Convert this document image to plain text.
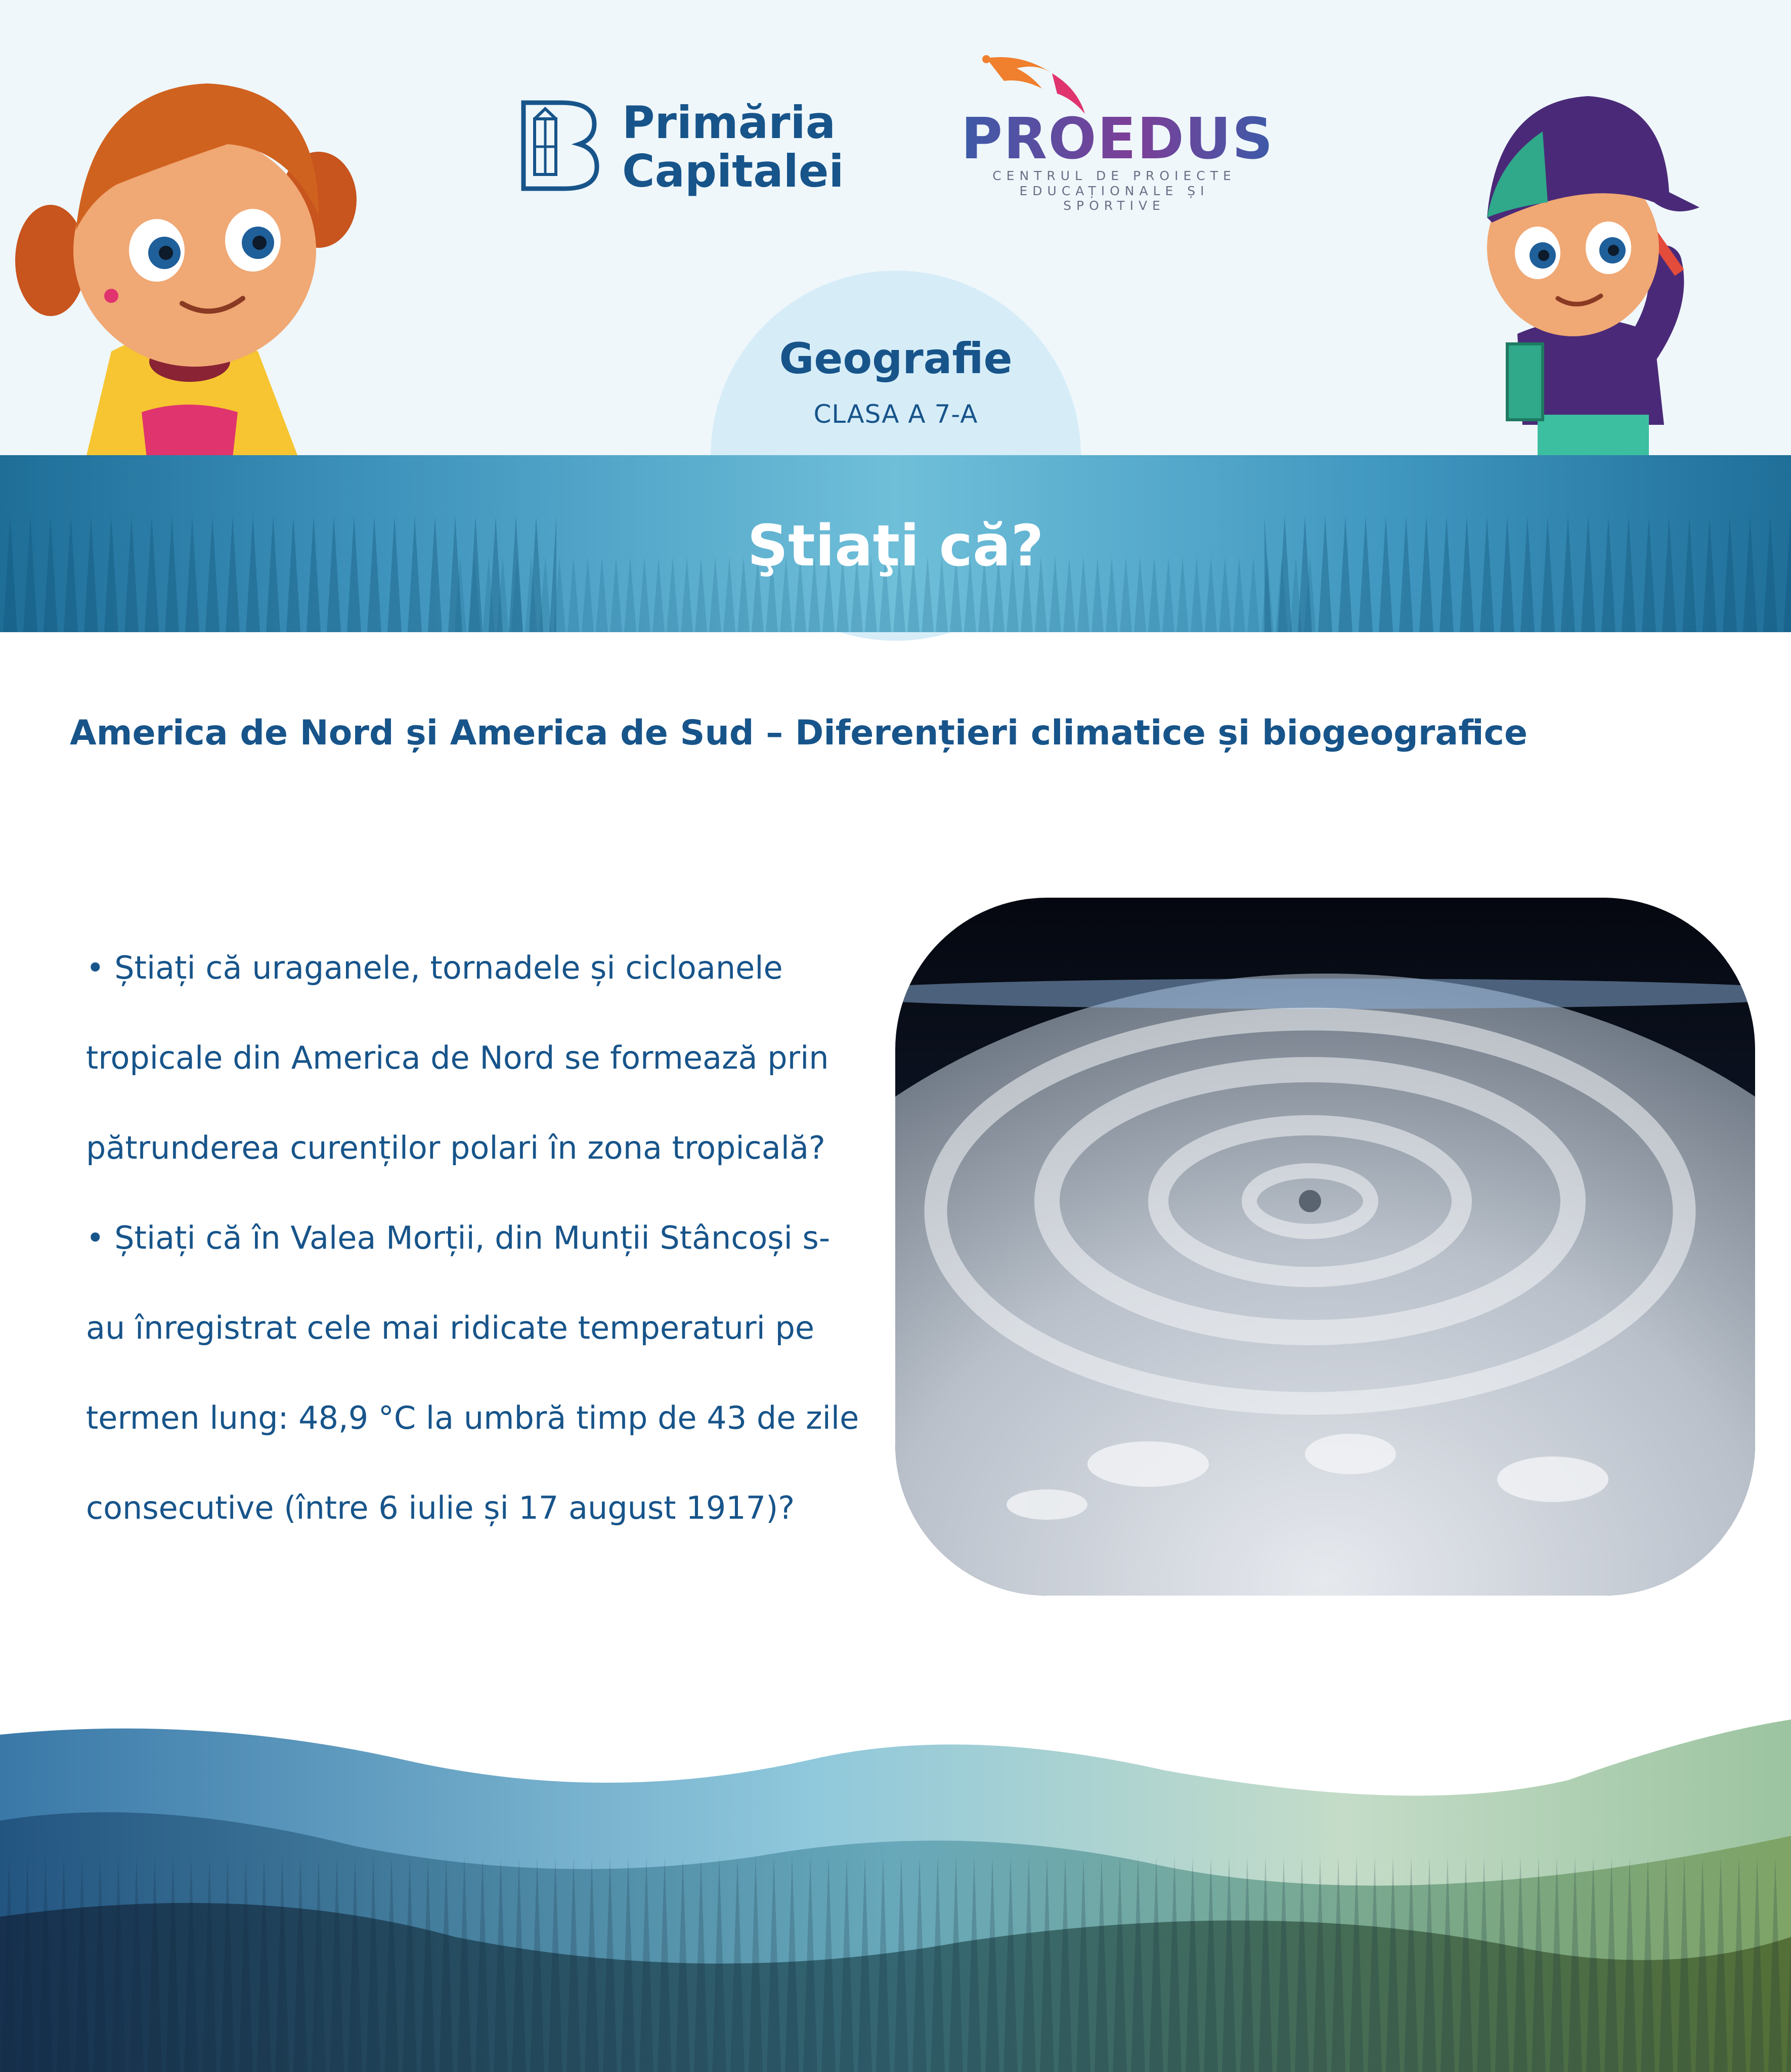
Primăria
Capitalei PROEDUS
CENTRUL DE PROIECTE
EDUCAȚIONALE ȘI SPORTIVE
Geografie
CLASA A 7-A
Ştiaţi că?
America de Nord și America de Sud – Diferențieri climatice și biogeografice

• Știați că uraganele, tornadele și cicloanele tropicale din America de Nord se formează prin pătrunderea curenților polari în zona tropicală?

• Știați că în Valea Morții, din Munții Stâncoși s-au înregistrat cele mai ridicate temperaturi pe termen lung: 48,9 °C la umbră timp de 43 de zile consecutive (între 6 iulie și 17 august 1917)?
